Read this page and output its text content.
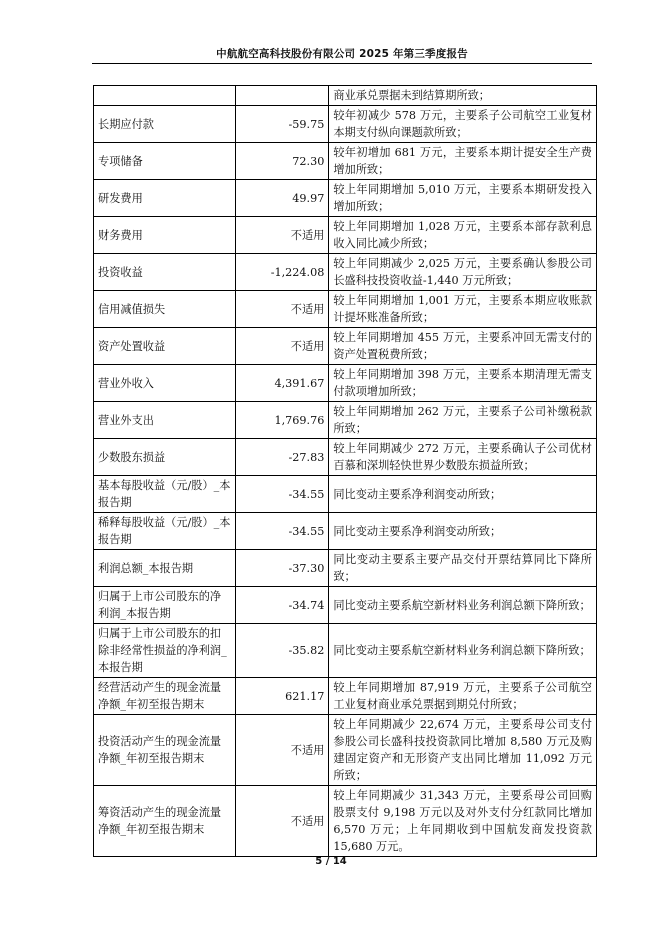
中航航空高科技股份有限公司 2025 年第三季度报告
		商业承兑票据未到结算期所致；
长期应付款	-59.75	较年初减少 578 万元，主要系子公司航空工业复材本期支付纵向课题款所致；
专项储备	72.30	较年初增加 681 万元，主要系本期计提安全生产费增加所致；
研发费用	49.97	较上年同期增加 5,010 万元，主要系本期研发投入增加所致；
财务费用	不适用	较上年同期增加 1,028 万元，主要系本部存款利息收入同比减少所致；
投资收益	-1,224.08	较上年同期减少 2,025 万元，主要系确认参股公司长盛科技投资收益-1,440 万元所致；
信用减值损失	不适用	较上年同期增加 1,001 万元，主要系本期应收账款计提坏账准备所致；
资产处置收益	不适用	较上年同期增加 455 万元，主要系冲回无需支付的资产处置税费所致；
营业外收入	4,391.67	较上年同期增加 398 万元，主要系本期清理无需支付款项增加所致；
营业外支出	1,769.76	较上年同期增加 262 万元，主要系子公司补缴税款所致；
少数股东损益	-27.83	较上年同期减少 272 万元，主要系确认子公司优材百慕和深圳轻快世界少数股东损益所致；
基本每股收益（元/股）_本报告期	-34.55	同比变动主要系净利润变动所致；
稀释每股收益（元/股）_本报告期	-34.55	同比变动主要系净利润变动所致；
利润总额_本报告期	-37.30	同比变动主要系主要产品交付开票结算同比下降所致；
归属于上市公司股东的净利润_本报告期	-34.74	同比变动主要系航空新材料业务利润总额下降所致；
归属于上市公司股东的扣除非经常性损益的净利润_本报告期	-35.82	同比变动主要系航空新材料业务利润总额下降所致；
经营活动产生的现金流量净额_年初至报告期末	621.17	较上年同期增加 87,919 万元，主要系子公司航空工业复材商业承兑票据到期兑付所致；
投资活动产生的现金流量净额_年初至报告期末	不适用	较上年同期减少 22,674 万元，主要系母公司支付参股公司长盛科技投资款同比增加 8,580 万元及购建固定资产和无形资产支出同比增加 11,092 万元所致；
筹资活动产生的现金流量净额_年初至报告期末	不适用	较上年同期减少 31,343 万元，主要系母公司回购股票支付 9,198 万元以及对外支付分红款同比增加 6,570 万元；上年同期收到中国航发商发投资款 15,680 万元。
5 / 14
